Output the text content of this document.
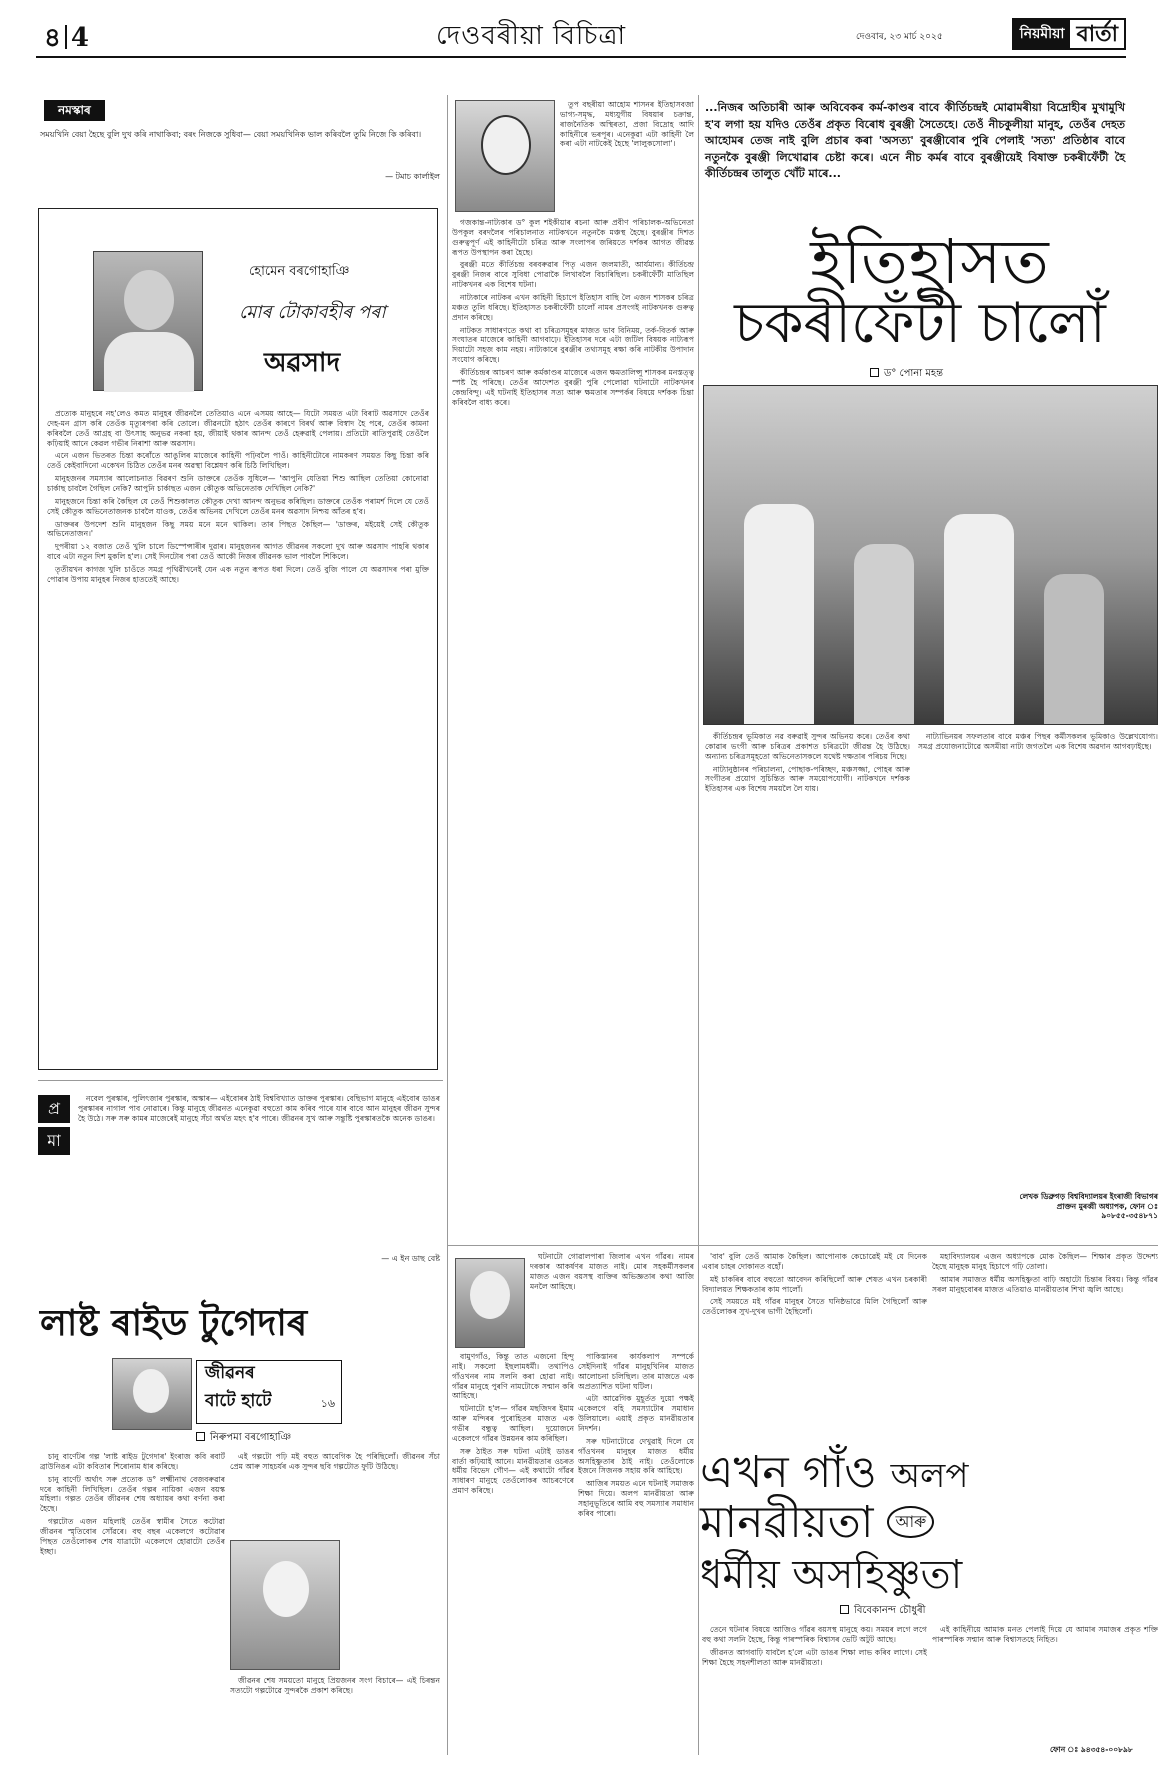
৪ 4	দেওবৰীয়া বিচিত্ৰা	দেওবাৰ, ২৩ মাৰ্চ ২০২৫	নিয়মীয়া বাৰ্তা
নমস্কাৰ
সময়খিনি বেয়া হৈছে বুলি দুখ কৰি নাথাকিবা; বৰং নিজকে সুধিবা— বেয়া সময়খিনিক ভাল কৰিবলৈ তুমি নিজে কি কৰিবা।
— টমাচ কাৰ্লাইল
হোমেন বৰগোহাঞি
মোৰ টোকাবহীৰ পৰা
অৱসাদ

প্ৰত্যেক মানুহৰে নহ'লেও কমত মানুহৰ জীৱনলৈ তেতিয়াও এনে এসময় আহে— যিটো সময়ত এটা বিৰাট অৱসাদে তেওঁৰ দেহ-মন গ্ৰাস কৰি তেওঁক মৃত্যুৰপৰা কৰি তোলে। জীৱনটো হঠাৎ তেওঁৰ কাৰণে বিৰৰ্থ আৰু বিস্বাদ হৈ পৰে, তেওঁৰ কামনা কৰিবলৈ তেওঁ আগ্ৰহ বা উৎসাহ অনুভৱ নকৰা হয়, জীয়াই থকাৰ আনন্দ তেওঁ হেৰুৱাই পেলায়। প্ৰতিটো ৰাতিপুৱাই তেওঁলৈ কঢ়িয়াই আনে কেৱল গভীৰ নিৰাশা আৰু অৱসাদ।

এনে এজন ভিতৰত চিন্তা কৰোঁতে আঙুলিৰ মাজেৰে কাহিনী পঢ়িবলৈ পাওঁ। কাহিনীটোৰে নামকৰণ সময়ত কিছু চিন্তা কৰি তেওঁ কেইবাদিনো একেখন চিঠিত তেওঁৰ মনৰ অৱস্থা বিশ্লেষণ কৰি চিঠি লিখিছিল।

মানুহজনৰ সমস্যাৰ আলোচনাত বিৱৰণ শুনি ডাক্তৰে তেওঁক সুধিলে— 'আপুনি যেতিয়া শিশু আছিল তেতিয়া কোনোৱা চাৰ্কাছ চাবলৈ গৈছিল নেকি? আপুনি চাৰ্কাছত এজন কৌতুক অভিনেতাক দেখিছিল নেকি?'

মানুহজনে চিন্তা কৰি কৈছিল যে তেওঁ শিশুকালত কৌতুক দেখা আনন্দ অনুভৱ কৰিছিল। ডাক্তৰে তেওঁক পৰামৰ্শ দিলে যে তেওঁ সেই কৌতুক অভিনেতাজনক চাবলৈ যাওক, তেওঁৰ অভিনয় দেখিলে তেওঁৰ মনৰ অৱসাদ নিশ্চয় আঁতৰ হ'ব।

ডাক্তৰৰ উপদেশ শুনি মানুহজন কিছু সময় মনে মনে থাকিল। তাৰ পিছত কৈছিল— 'ডাক্তৰ, মইয়েই সেই কৌতুক অভিনেতাজন।'

দুপৰীয়া ১২ বজাত তেওঁ খুলি চালে ডিস্পেন্সাৰীৰ দুৱাৰ। মানুহজনৰ আগত জীৱনৰ সকলো দুখ আৰু অৱসাদ পাহৰি থকাৰ বাবে এটা নতুন দিশ মুকলি হ'ল। সেই দিনটোৰ পৰা তেওঁ আকৌ নিজৰ জীৱনক ভাল পাবলৈ শিকিলে।

তৃতীয়খন কাগজ খুলি চাওঁতে সমগ্ৰ পৃথিৱীখনেই যেন এক নতুন ৰূপত ধৰা দিলে। তেওঁ বুজি পালে যে অৱসাদৰ পৰা মুক্তি পোৱাৰ উপায় মানুহৰ নিজৰ হাততেই আছে।

প্ৰ
মা

নবেল পুৰস্কাৰ, পুলিৎজাৰ পুৰস্কাৰ, অস্কাৰ— এইবোৰৰ ঠাই বিশ্ববিখ্যাত ডাক্তৰ পুৰস্কাৰ। বেছিভাগ মানুহে এইবোৰ ডাঙৰ পুৰস্কাৰৰ নাগাল পাব নোৱাৰে। কিন্তু মানুহে জীৱনত এনেকুৱা বহুতো কাম কৰিব পাৰে যাৰ বাবে আন মানুহৰ জীৱন সুন্দৰ হৈ উঠে। সৰু সৰু কামৰ মাজেৰেই মানুহে সঁচা অৰ্থত মহৎ হ'ব পাৰে। জীৱনৰ সুখ আৰু সন্তুষ্টি পুৰস্কাৰতকৈ অনেক ডাঙৰ।

— এ ইন ডাছ বেষ্ট
লাষ্ট ৰাইড টুগেদাৰ
জীৱনৰ
বাটে হাটে	১৬
নিৰুপমা বৰগোহাঞি

চানু বাৰ্ণেটৰ গল্প 'লাষ্ট ৰাইড টুগেদাৰ' ইংৰাজ কবি ৰবাৰ্ট ব্ৰাউনিঙৰ এটা কবিতাৰ শিৰোনাম ধাৰ কৰিছে।

চানু বাৰ্ণেট অৰ্থাৎ সৰু প্ৰত্যেক ড° লক্ষ্মীনাথ বেজবৰুৱাৰ দৰে কাহিনী লিখিছিল। তেওঁৰ গল্পৰ নায়িকা এজন বয়স্ক মহিলা। গল্পত তেওঁৰ জীৱনৰ শেষ অধ্যায়ৰ কথা বৰ্ণনা কৰা হৈছে।

গল্পটোত এজন মহিলাই তেওঁৰ স্বামীৰ সৈতে কটোৱা জীৱনৰ স্মৃতিবোৰ সোঁৱৰে। বহু বছৰ একেলগে কটোৱাৰ পিছত তেওঁলোকৰ শেষ যাত্ৰাটো একেলগে হোৱাটো তেওঁৰ ইচ্ছা।

এই গল্পটো পঢ়ি মই বহুত আবেগিক হৈ পৰিছিলোঁ। জীৱনৰ সঁচা প্ৰেম আৰু সাহচৰ্যৰ এক সুন্দৰ ছবি গল্পটোত ফুটি উঠিছে।

জীৱনৰ শেষ সময়তো মানুহে প্ৰিয়জনৰ সংগ বিচাৰে— এই চিৰন্তন সত্যটো গল্পটোৱে সুন্দৰকৈ প্ৰকাশ কৰিছে।

তুপ বছৰীয়া আহোম শাসনৰ ইতিহাসবজা ভাগ্য-সমৃদ্ধ, মধ্যযুগীয় বিষয়াৰ চক্ৰান্ত, ৰাজনৈতিক অস্থিৰতা, প্ৰজা বিদ্ৰোহ আদি কাহিনীৰে ভৰপূৰ। এনেকুৱা এটা কাহিনী লৈ কৰা এটা নাটকেই হৈছে 'লালুকসোলা'।

গজকান্ত-নাট্যকাৰ ড° কুল শইকীয়াৰ ৰচনা আৰু প্ৰবীণ পৰিচালক-অভিনেতা উপকুল বৰদলৈৰ পৰিচালনাত নাটকখনে নতুনকৈ মঞ্চস্থ হৈছে। বুৰঞ্জীৰ দিশত গুৰুত্বপূৰ্ণ এই কাহিনীটো চৰিত্ৰ আৰু সংলাপৰ জৰিয়তে দৰ্শকৰ আগত জীৱন্ত ৰূপত উপস্থাপন কৰা হৈছে।

বুৰঞ্জী মতে কীৰ্তিচন্দ্ৰ বৰবৰুৱাৰ পিতৃ এজন জলমাতী, আৰ্যমান্য। কীৰ্তিচন্দ্ৰ বুৰঞ্জী নিজৰ বাবে সুবিধা পোৱাকৈ লিখাবলৈ বিচাৰিছিল। চকৰীফেঁটী মাতিছিল নাটকখনৰ এক বিশেষ ঘটনা।

নাট্যকাৰে নাটকৰ এখন কাহিনী হিচাপে ইতিহাস বাছি লৈ এজন শাসকৰ চৰিত্ৰ মঞ্চত তুলি ধৰিছে। ইতিহাসত চকৰীফেঁটী চালোঁ নামৰ প্ৰসংগই নাটকখনক গুৰুত্ব প্ৰদান কৰিছে।

নাটকত সাধাৰণতে কথা বা চৰিত্ৰসমূহৰ মাজত ভাব বিনিময়, তৰ্ক-বিতৰ্ক আৰু সংঘাতৰ মাজেৰে কাহিনী আগবাঢ়ে। ইতিহাসৰ দৰে এটা জটিল বিষয়ক নাট্যৰূপ দিয়াটো সহজ কাম নহয়। নাট্যকাৰে বুৰঞ্জীৰ তথ্যসমূহ ৰক্ষা কৰি নাটকীয় উপাদান সংযোগ কৰিছে।

কীৰ্তিচন্দ্ৰৰ আচৰণ আৰু কৰ্মকাণ্ডৰ মাজেৰে এজন ক্ষমতালিপ্সু শাসকৰ মনস্তত্ত্ব স্পষ্ট হৈ পৰিছে। তেওঁৰ আদেশত বুৰঞ্জী পুৰি পেলোৱা ঘটনাটো নাটকখনৰ কেন্দ্ৰবিন্দু। এই ঘটনাই ইতিহাসৰ সত্য আৰু ক্ষমতাৰ সম্পৰ্কৰ বিষয়ে দৰ্শকক চিন্তা কৰিবলৈ বাধ্য কৰে।

...নিজৰ অতিচাৰী আৰু অবিবেকৰ কৰ্ম-কাণ্ডৰ বাবে কীৰ্তিচন্দ্ৰই মোৱামৰীয়া বিদ্ৰোহীৰ মুখামুখি হ'ব লগা হয় যদিও তেওঁৰ প্ৰকৃত বিৰোধ বুৰঞ্জী সৈতেহে। তেওঁ নীচকুলীয়া মানুহ, তেওঁৰ দেহত আহোমৰ তেজ নাই বুলি প্ৰচাৰ কৰা 'অসত্য' বুৰঞ্জীবোৰ পুৰি পেলাই 'সত্য' প্ৰতিষ্ঠাৰ বাবে নতুনকৈ বুৰঞ্জী লিখোৱাৰ চেষ্টা কৰে। এনে নীচ কৰ্মৰ বাবে বুৰঞ্জীয়েই বিষাক্ত চকৰীফেঁটী হৈ কীৰ্তিচন্দ্ৰৰ তালুত খোঁট মাৰে...
ইতিহাসত
চকৰীফেঁটী চালোঁ
ড° পোনা মহন্ত

কীৰ্তিচন্দ্ৰৰ ভূমিকাত নৱ বৰুৱাই সুন্দৰ অভিনয় কৰে। তেওঁৰ কথা কোৱাৰ ভংগী আৰু চৰিত্ৰৰ প্ৰকাশত চৰিত্ৰটো জীৱন্ত হৈ উঠিছে। অন্যান্য চৰিত্ৰসমূহতো অভিনেতাসকলে যথেষ্ট দক্ষতাৰ পৰিচয় দিছে।

নাট্যানুষ্ঠানৰ পৰিচালনা, পোছাক-পৰিচ্ছদ, মঞ্চসজ্জা, পোহৰ আৰু সংগীতৰ প্ৰয়োগ সুচিন্তিত আৰু সময়োপযোগী। নাটকখনে দৰ্শকক ইতিহাসৰ এক বিশেষ সময়লৈ লৈ যায়।

নাট্যাভিনয়ৰ সফলতাৰ বাবে মঞ্চৰ পিছৰ কৰ্মীসকলৰ ভূমিকাও উল্লেখযোগ্য। সমগ্ৰ প্ৰযোজনাটোৱে অসমীয়া নাট্য জগতলৈ এক বিশেষ অৱদান আগবঢ়াইছে।

লেখক ডিব্ৰুগড় বিশ্ববিদ্যালয়ৰ ইংৰাজী বিভাগৰ প্ৰাক্তন মুৰব্বী অধ্যাপক, ফোন ঃ ৯০৮৫৫-৩৫৪৮৭১

ঘটনাটো গোৱালপাৰা জিলাৰ এখন গাঁৱৰ। নামৰ দৰকাৰ আকৰ্ষণৰ মাজত নাই। মোৰ সহকৰ্মীসকলৰ মাজত এজন বয়সস্থ ব্যক্তিৰ অভিজ্ঞতাৰ কথা আজি মনলৈ আহিছে।

বামুণগাঁও, কিন্তু তাত এজনো হিন্দু নাই। সকলো ইছলামধৰ্মী। তথাপিও গাঁওখনৰ নাম সলনি কৰা হোৱা নাই। গাঁৱৰ মানুহে পুৰণি নামটোকে সন্মান কৰি আহিছে।

ঘটনাটো হ'ল— গাঁৱৰ মছজিদৰ ইমাম আৰু মন্দিৰৰ পুৰোহিতৰ মাজত এক গভীৰ বন্ধুত্ব আছিল। দুয়োজনে একেলগে গাঁৱৰ উন্নয়নৰ কাম কৰিছিল।

সৰু ঠাইত সৰু ঘটনা এটাই ডাঙৰ বাৰ্তা কঢ়িয়াই আনে। মানৱীয়তাৰ ওচৰত ধৰ্মীয় বিভেদ গৌণ— এই কথাটো গাঁৱৰ সাধাৰণ মানুহে তেওঁলোকৰ আচৰণেৰে প্ৰমাণ কৰিছে।

পাকিস্তানৰ কাৰ্যকলাপ সম্পৰ্কে সেইদিনাই গাঁৱৰ মানুহখিনিৰ মাজত আলোচনা চলিছিল। তাৰ মাজতে এক অপ্ৰত্যাশিত ঘটনা ঘটিল।

এটা আৱেগিক মুহূৰ্তত দুয়ো পক্ষই একেলগে বহি সমস্যাটোৰ সমাধান উলিয়ালে। এয়াই প্ৰকৃত মানৱীয়তাৰ নিদৰ্শন।

সৰু ঘটনাটোৱে দেখুৱাই দিলে যে গাঁওখনৰ মানুহৰ মাজত ধৰ্মীয় অসহিষ্ণুতাৰ ঠাই নাই। তেওঁলোকে ইজনে সিজনক সহায় কৰি আহিছে।

আজিৰ সময়ত এনে ঘটনাই সমাজক শিক্ষা দিয়ে। অলপ মানৱীয়তা আৰু সহানুভূতিৰে আমি বহু সমস্যাৰ সমাধান কৰিব পাৰো।

'বাব' বুলি তেওঁ আমাক কৈছিল। আপোনাক কেচোৱেই মই যে দিনেক এবাৰ চাহৰ দোকানত বহোঁ।

মই চাকৰিৰ বাবে বহুতো আবেদন কৰিছিলোঁ আৰু শেষত এখন চৰকাৰী বিদ্যালয়ত শিক্ষকতাৰ কাম পালোঁ।

সেই সময়তে মই গাঁৱৰ মানুহৰ সৈতে ঘনিষ্ঠভাৱে মিলি গৈছিলোঁ আৰু তেওঁলোকৰ সুখ-দুখৰ ভাগী হৈছিলোঁ।

মহাবিদ্যালয়ৰ এজন অধ্যাপকে মোক কৈছিল— শিক্ষাৰ প্ৰকৃত উদ্দেশ্য হৈছে মানুহক মানুহ হিচাপে গঢ়ি তোলা।

আমাৰ সমাজত ধৰ্মীয় অসহিষ্ণুতা বাঢ়ি অহাটো চিন্তাৰ বিষয়। কিন্তু গাঁৱৰ সৰল মানুহবোৰৰ মাজত এতিয়াও মানৱীয়তাৰ শিখা জ্বলি আছে।

এখন গাঁও অলপ
মানৱীয়তা আৰু
ধৰ্মীয় অসহিষ্ণুতা
বিবেকানন্দ চৌধুৰী

তেনে ঘটনাৰ বিষয়ে আজিও গাঁৱৰ বয়সস্থ মানুহে কয়। সময়ৰ লগে লগে বহু কথা সলনি হৈছে, কিন্তু পাৰস্পৰিক বিশ্বাসৰ ভেটি অটুট আছে।

জীৱনত আগবাঢ়ি যাবলৈ হ'লে এটা ডাঙৰ শিক্ষা লাভ কৰিব লাগে। সেই শিক্ষা হৈছে সহনশীলতা আৰু মানৱীয়তা।

এই কাহিনীয়ে আমাক মনত পেলাই দিয়ে যে আমাৰ সমাজৰ প্ৰকৃত শক্তি পাৰস্পৰিক সন্মান আৰু বিশ্বাসতহে নিহিত।

ফোন ঃ ৯৪৩৫৪-০০৮৯৮
